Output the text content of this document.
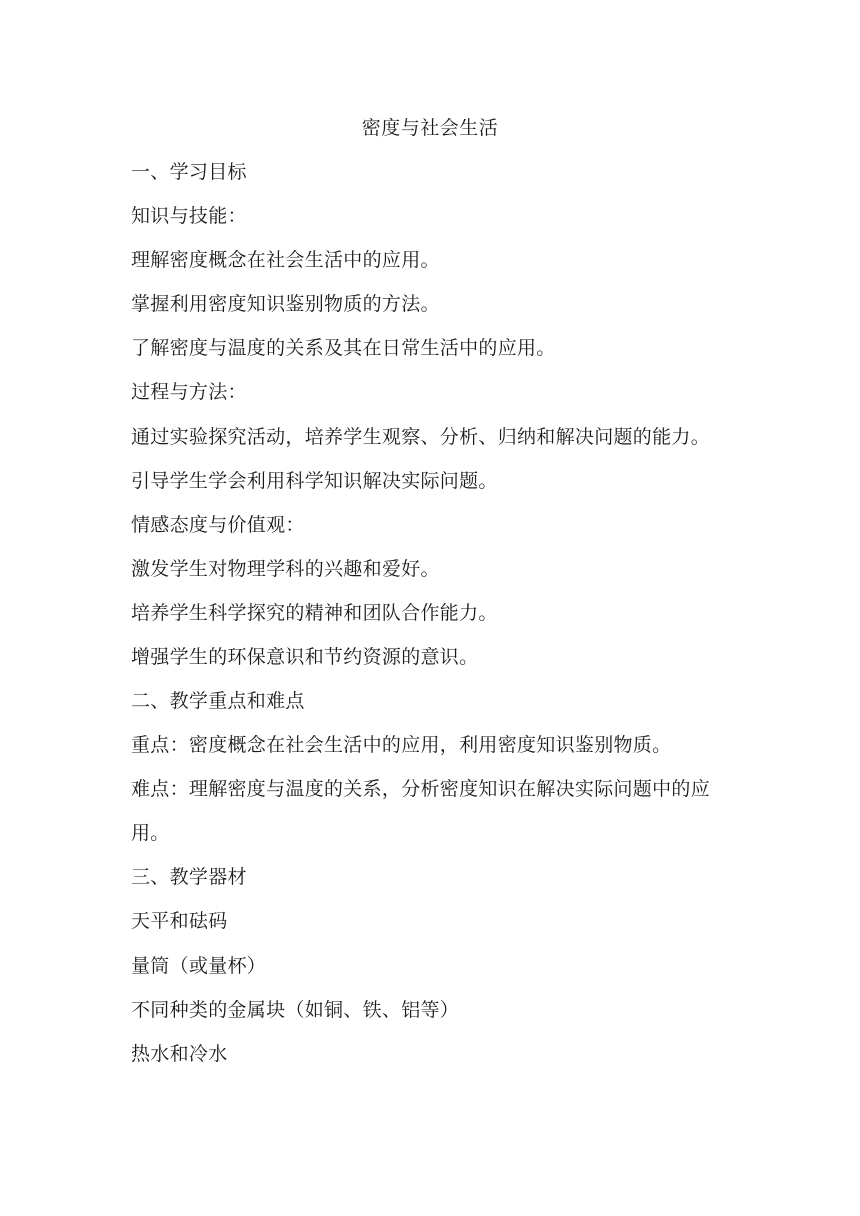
密度与社会生活
一、学习目标
知识与技能：
理解密度概念在社会生活中的应用。
掌握利用密度知识鉴别物质的方法。
了解密度与温度的关系及其在日常生活中的应用。
过程与方法：
通过实验探究活动，培养学生观察、分析、归纳和解决问题的能力。
引导学生学会利用科学知识解决实际问题。
情感态度与价值观：
激发学生对物理学科的兴趣和爱好。
培养学生科学探究的精神和团队合作能力。
增强学生的环保意识和节约资源的意识。
二、教学重点和难点
重点：密度概念在社会生活中的应用，利用密度知识鉴别物质。
难点：理解密度与温度的关系，分析密度知识在解决实际问题中的应用。
三、教学器材
天平和砝码
量筒（或量杯）
不同种类的金属块（如铜、铁、铝等）
热水和冷水
